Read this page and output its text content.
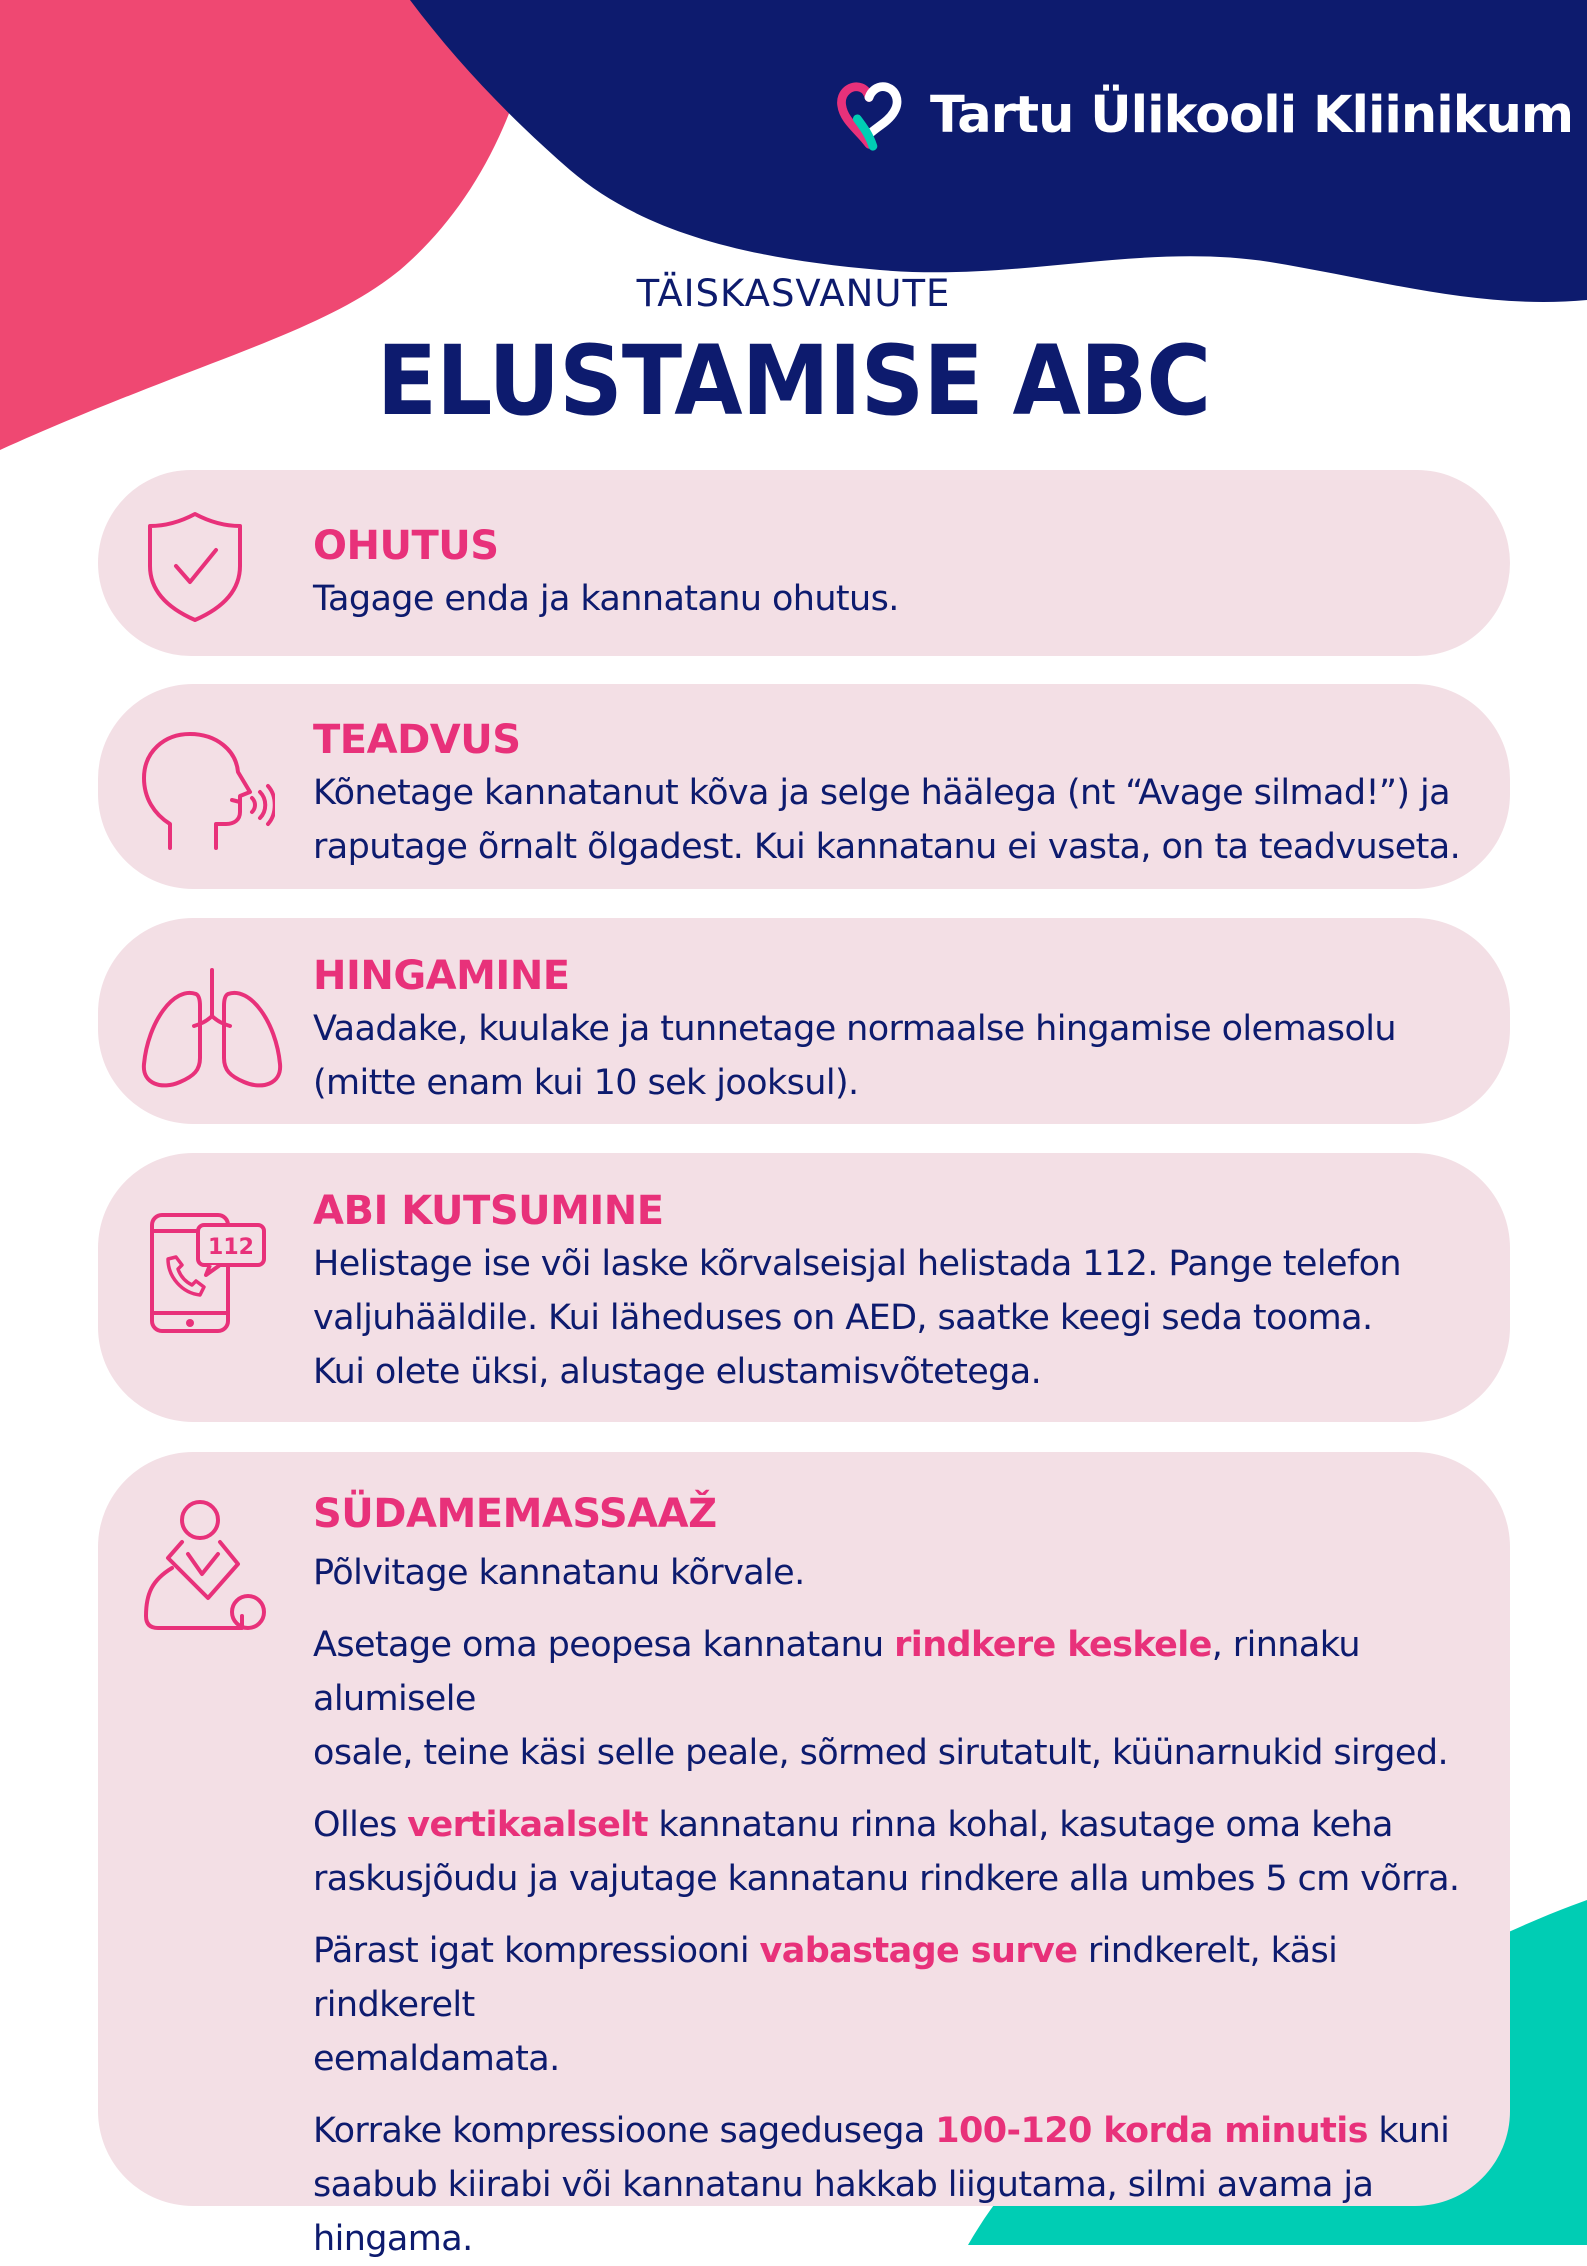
Tartu Ülikooli Kliinikum
TÄISKASVANUTE
ELUSTAMISE ABC
OHUTUS
Tagage enda ja kannatanu ohutus.
TEADVUS
Kõnetage kannatanut kõva ja selge häälega (nt “Avage silmad!”) ja
raputage õrnalt õlgadest. Kui kannatanu ei vasta, on ta teadvuseta.
HINGAMINE
Vaadake, kuulake ja tunnetage normaalse hingamise olemasolu
(mitte enam kui 10 sek jooksul).
112
ABI KUTSUMINE
Helistage ise või laske kõrvalseisjal helistada 112. Pange telefon
valjuhääldile. Kui läheduses on AED, saatke keegi seda tooma.
Kui olete üksi, alustage elustamisvõtetega.
SÜDAMEMASSAAŽ
Põlvitage kannatanu kõrvale.
Asetage oma peopesa kannatanu rindkere keskele, rinnaku alumisele
osale, teine käsi selle peale, sõrmed sirutatult, küünarnukid sirged.
Olles vertikaalselt kannatanu rinna kohal, kasutage oma keha
raskusjõudu ja vajutage kannatanu rindkere alla umbes 5 cm võrra.
Pärast igat kompressiooni vabastage surve rindkerelt, käsi rindkerelt
eemaldamata.
Korrake kompressioone sagedusega 100-120 korda minutis kuni
saabub kiirabi või kannatanu hakkab liigutama, silmi avama ja hingama.
